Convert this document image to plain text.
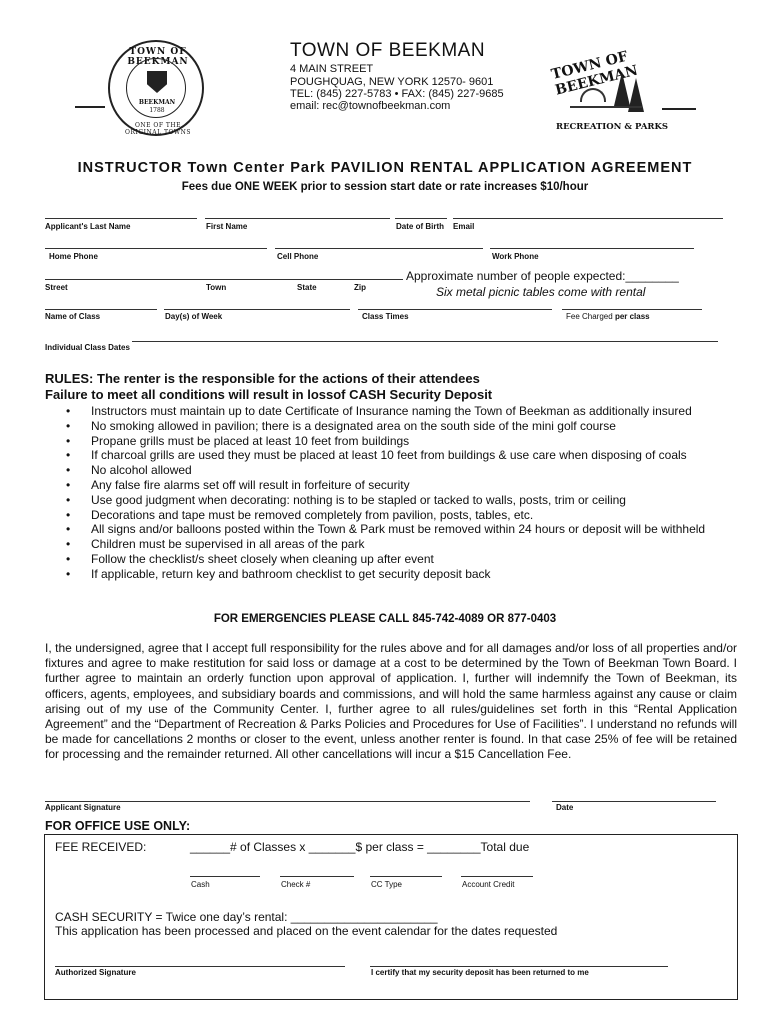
TOWN OF BEEKMAN
BEEKMAN
1788
ONE OF THE ORIGINAL TOWNS
TOWN OF BEEKMAN
4 MAIN STREET
POUGHQUAG, NEW YORK 12570- 9601
TEL: (845) 227-5783 • FAX: (845) 227-9685
email: rec@townofbeekman.com
TOWN OF BEEKMAN
RECREATION & PARKS
INSTRUCTOR Town Center Park PAVILION RENTAL APPLICATION AGREEMENT
Fees due ONE WEEK prior to session start date or rate increases $10/hour
Applicant's Last Name	First Name	Date of Birth Email
Home Phone	Cell Phone	Work Phone
Approximate number of people expected:________
Street	Town	State	Zip	Six metal picnic tables come with rental
Name of Class	Day(s) of Week	Class Times	Fee Charged per class
Individual Class Dates
RULES: The renter is the responsible for the actions of their attendees
Failure to meet all conditions will result in lossof CASH Security Deposit
• Instructors must maintain up to date Certificate of Insurance naming the Town of Beekman as additionally insured
• No smoking allowed in pavilion; there is a designated area on the south side of the mini golf course
• Propane grills must be placed at least 10 feet from buildings
• If charcoal grills are used they must be placed at least 10 feet from buildings & use care when disposing of coals
• No alcohol allowed
• Any false fire alarms set off will result in forfeiture of security
• Use good judgment when decorating: nothing is to be stapled or tacked to walls, posts, trim or ceiling
• Decorations and tape must be removed completely from pavilion, posts, tables, etc.
• All signs and/or balloons posted within the Town & Park must be removed within 24 hours or deposit will be withheld
• Children must be supervised in all areas of the park
• Follow the checklist/s sheet closely when cleaning up after event
• If applicable, return key and bathroom checklist to get security deposit back
FOR EMERGENCIES PLEASE CALL 845-742-4089 OR 877-0403
I, the undersigned, agree that I accept full responsibility for the rules above and for all damages and/or loss of all properties and/or fixtures and agree to make restitution for said loss or damage at a cost to be determined by the Town of Beekman Town Board. I further agree to maintain an orderly function upon approval of application. I, further will indemnify the Town of Beekman, its officers, agents, employees, and subsidiary boards and commissions, and will hold the same harmless against any cause or claim arising out of my use of the Community Center. I, further agree to all rules/guidelines set forth in this “Rental Application Agreement” and the “Department of Recreation & Parks Policies and Procedures for Use of Facilities”. I understand no refunds will be made for cancellations 2 months or closer to the event, unless another renter is found. In that case 25% of fee will be retained for processing and the remainder returned. All other cancellations will incur a $15 Cancellation Fee.
Applicant Signature	Date
FOR OFFICE USE ONLY:
FEE RECEIVED:	______# of Classes x _______$ per class = ________Total due
Cash	Check #	CC Type	Account Credit
CASH SECURITY = Twice one day’s rental: ______________________
This application has been processed and placed on the event calendar for the dates requested
Authorized Signature	I certify that my security deposit has been returned to me
